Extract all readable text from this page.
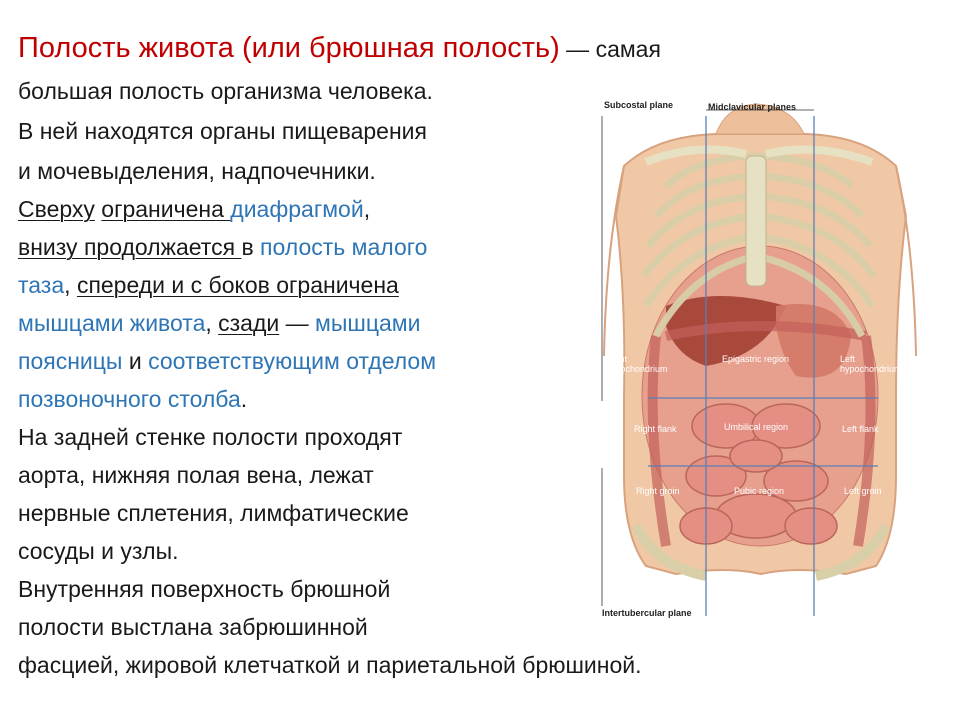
Полость живота (или брюшная полость) — самая
большая полость организма человека.
В ней находятся органы пищеварения
и мочевыделения, надпочечники.
Сверху ограничена диафрагмой,
внизу продолжается в полость малого
таза, спереди и с боков ограничена
мышцами живота, сзади — мышцами
поясницы и соответствующим отделом
позвоночного столба.
На задней стенке полости проходят
аорта, нижняя полая вена, лежат
нервные сплетения, лимфатические
сосуды и узлы.
Внутренняя поверхность брюшной
полости выстлана забрюшинной
фасцией, жировой клетчаткой и париетальной брюшиной.
Subcostal plane	Midclavicular planes
Right
hypochondrium
Epigastric region	Left
hypochondrium
Right flank	Umbilical region	Left flank
Right groin	Pubic region	Left groin
Intertubercular plane
